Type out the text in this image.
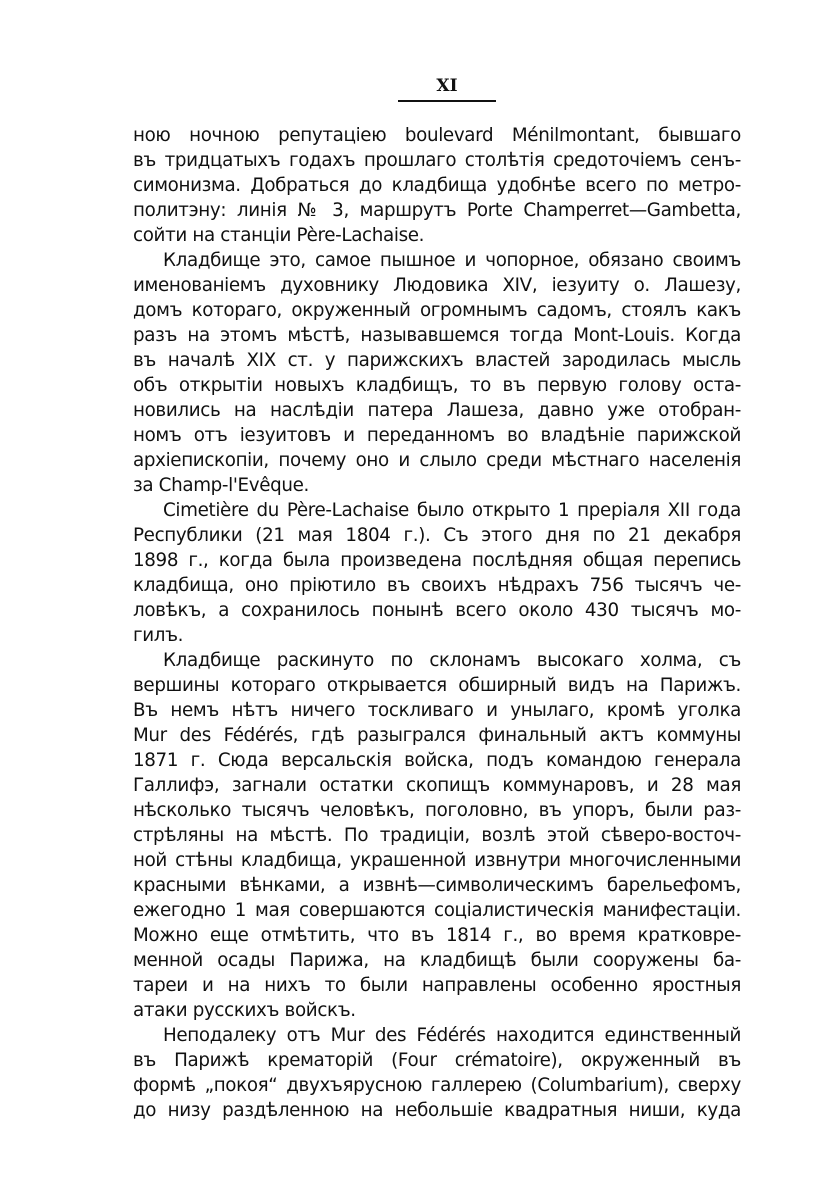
XI
ною ночною репутацiею boulevard Ménilmontant, бывшаго
въ тридцатыхъ годахъ прошлаго столѣтiя средоточiемъ сенъ-
симонизма. Добраться до кладбища удобнѣе всего по метро-
политэну: линiя № 3, маршрутъ Porte Champerret—Gambetta,
сойти на станцiи Père-Lachaise.
Кладбище это, самое пышное и чопорное, обязано своимъ
именованiемъ духовнику Людовика XIV, iезуиту о. Лашезу,
домъ котораго, окруженный огромнымъ садомъ, стоялъ какъ
разъ на этомъ мѣстѣ, называвшемся тогда Mont-Louis. Когда
въ началѣ XIX ст. у парижскихъ властей зародилась мысль
объ открытiи новыхъ кладбищъ, то въ первую голову оста-
новились на наслѣдiи патера Лашеза, давно уже отобран-
номъ отъ iезуитовъ и переданномъ во владѣнiе парижской
архiепископiи, почему оно и слыло среди мѣстнаго населенiя
за Champ-l'Evêque.
Cimetière du Père-Lachaise было открыто 1 преріаля XII года
Республики (21 мая 1804 г.). Съ этого дня по 21 декабря
1898 г., когда была произведена послѣдняя общая перепись
кладбища, оно прiютило въ своихъ нѣдрахъ 756 тысячъ че-
ловѣкъ, а сохранилось понынѣ всего около 430 тысячъ мо-
гилъ.
Кладбище раскинуто по склонамъ высокаго холма, съ
вершины котораго открывается обширный видъ на Парижъ.
Въ немъ нѣтъ ничего тоскливаго и унылаго, кромѣ уголка
Mur des Fédérés, гдѣ разыгрался финальный актъ коммуны
1871 г. Сюда версальскiя войска, подъ командою генерала
Галлифэ, загнали остатки скопищъ коммунаровъ, и 28 мая
нѣсколько тысячъ человѣкъ, поголовно, въ упоръ, были раз-
стрѣляны на мѣстѣ. По традицiи, возлѣ этой сѣверо-восточ-
ной стѣны кладбища, украшенной извнутри многочисленными
красными вѣнками, а извнѣ—символическимъ барельефомъ,
ежегодно 1 мая совершаются соцiалистическiя манифестацiи.
Можно еще отмѣтить, что въ 1814 г., во время кратковре-
менной осады Парижа, на кладбищѣ были сооружены ба-
тареи и на нихъ то были направлены особенно яростныя
атаки русскихъ войскъ.
Неподалеку отъ Mur des Fédérés находится единственный
въ Парижѣ крематорiй (Four crématoire), окруженный въ
формѣ „покоя“ двухъярусною галлерею (Columbarium), сверху
до низу раздѣленною на небольшiе квадратныя ниши, куда
